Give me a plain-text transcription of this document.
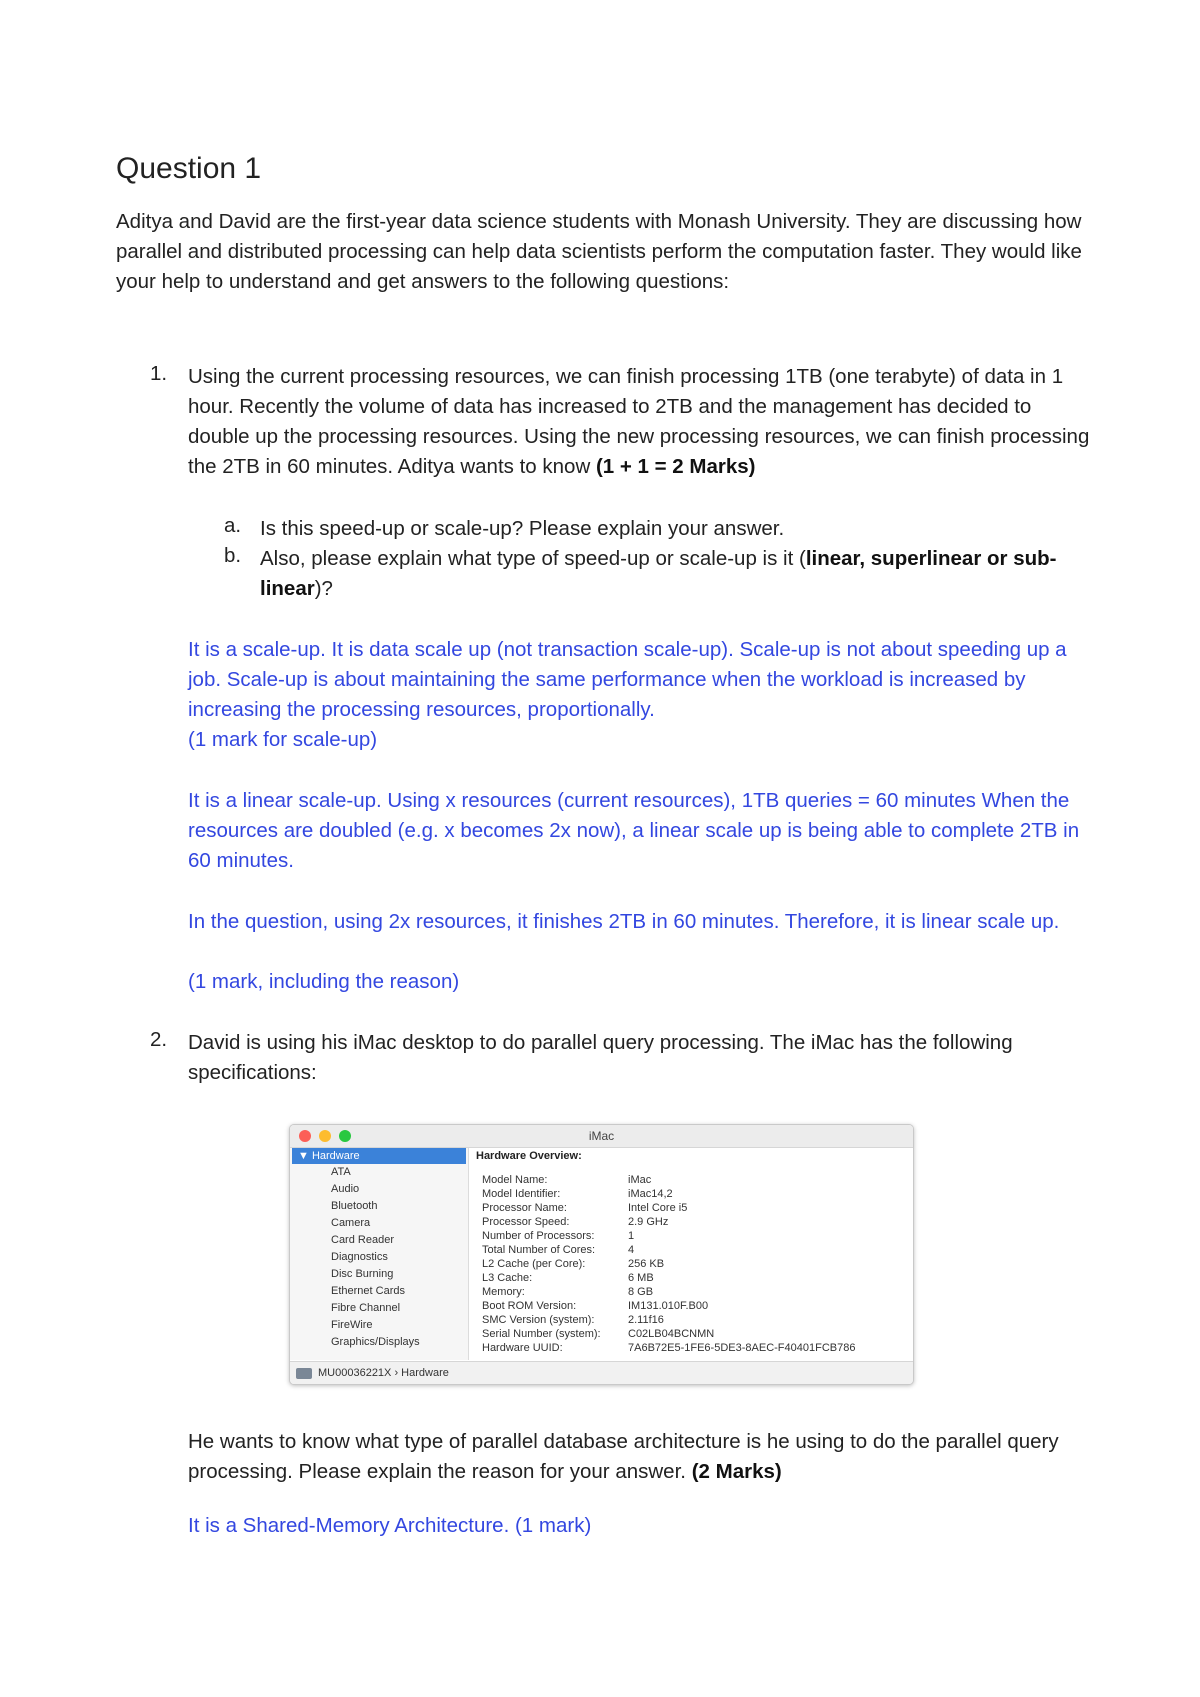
Question 1
Aditya and David are the first-year data science students with Monash University. They are discussing how parallel and distributed processing can help data scientists perform the computation faster. They would like your help to understand and get answers to the following questions:
1. Using the current processing resources, we can finish processing 1TB (one terabyte) of data in 1 hour. Recently the volume of data has increased to 2TB and the management has decided to double up the processing resources. Using the new processing resources, we can finish processing the 2TB in 60 minutes. Aditya wants to know (1 + 1 = 2 Marks)
a. Is this speed-up or scale-up? Please explain your answer.
b. Also, please explain what type of speed-up or scale-up is it (linear, superlinear or sub-linear)?
It is a scale-up. It is data scale up (not transaction scale-up). Scale-up is not about speeding up a job. Scale-up is about maintaining the same performance when the workload is increased by increasing the processing resources, proportionally.
(1 mark for scale-up)
It is a linear scale-up. Using x resources (current resources), 1TB queries = 60 minutes When the resources are doubled (e.g. x becomes 2x now), a linear scale up is being able to complete 2TB in 60 minutes.
In the question, using 2x resources, it finishes 2TB in 60 minutes. Therefore, it is linear scale up.
(1 mark, including the reason)
2. David is using his iMac desktop to do parallel query processing. The iMac has the following specifications:
iMac
▼ Hardware
ATA
Audio
Bluetooth
Camera
Card Reader
Diagnostics
Disc Burning
Ethernet Cards
Fibre Channel
FireWire
Graphics/Displays
Hardware Overview:
Model Name:	iMac
Model Identifier:	iMac14,2
Processor Name:	Intel Core i5
Processor Speed:	2.9 GHz
Number of Processors:	1
Total Number of Cores:	4
L2 Cache (per Core):	256 KB
L3 Cache:	6 MB
Memory:	8 GB
Boot ROM Version:	IM131.010F.B00
SMC Version (system):	2.11f16
Serial Number (system): C02LB04BCNMN
Hardware UUID:	7A6B72E5-1FE6-5DE3-8AEC-F40401FCB786
MU00036221X › Hardware
He wants to know what type of parallel database architecture is he using to do the parallel query processing. Please explain the reason for your answer. (2 Marks)
It is a Shared-Memory Architecture. (1 mark)
